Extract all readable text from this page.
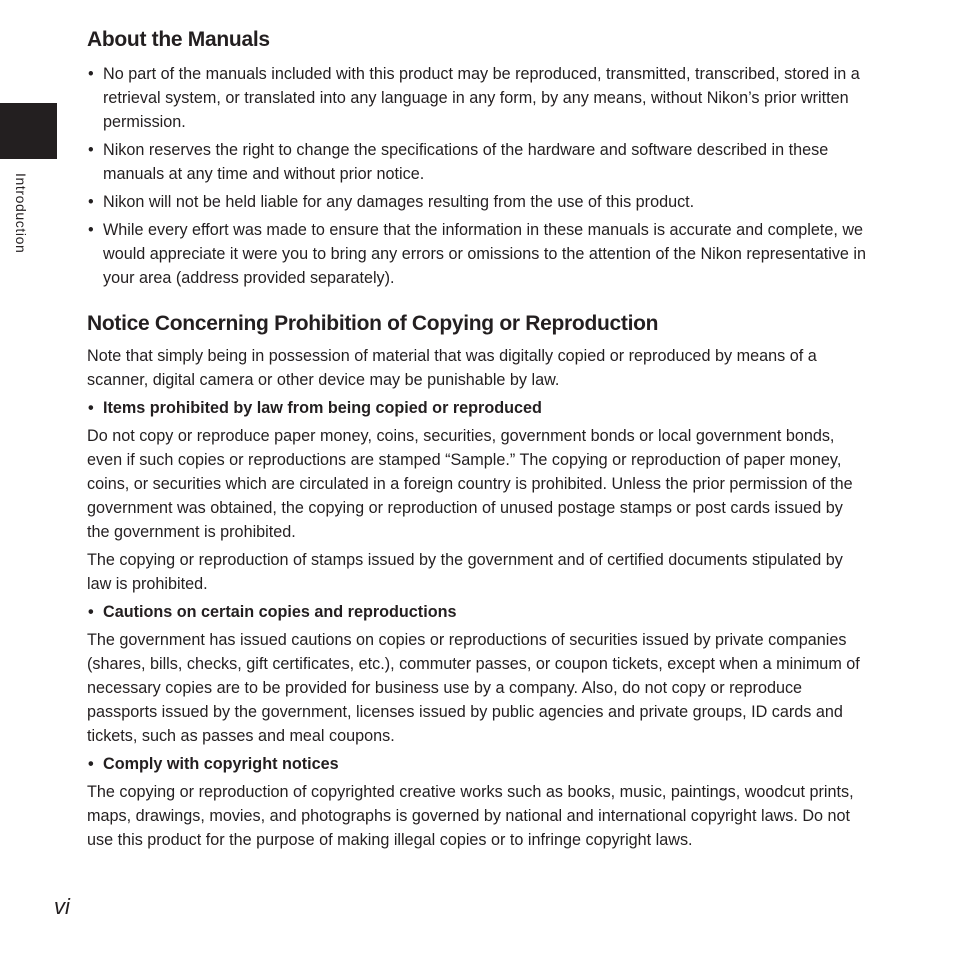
Introduction
About the Manuals
• No part of the manuals included with this product may be reproduced, transmitted, transcribed, stored in a retrieval system, or translated into any language in any form, by any means, without Nikon’s prior written permission.
• Nikon reserves the right to change the specifications of the hardware and software described in these manuals at any time and without prior notice.
• Nikon will not be held liable for any damages resulting from the use of this product.
• While every effort was made to ensure that the information in these manuals is accurate and complete, we would appreciate it were you to bring any errors or omissions to the attention of the Nikon representative in your area (address provided separately).
Notice Concerning Prohibition of Copying or Reproduction

Note that simply being in possession of material that was digitally copied or reproduced by means of a scanner, digital camera or other device may be punishable by law.

• Items prohibited by law from being copied or reproduced

Do not copy or reproduce paper money, coins, securities, government bonds or local government bonds, even if such copies or reproductions are stamped “Sample.” The copying or reproduction of paper money, coins, or securities which are circulated in a foreign country is prohibited. Unless the prior permission of the government was obtained, the copying or reproduction of unused postage stamps or post cards issued by the government is prohibited.

The copying or reproduction of stamps issued by the government and of certified documents stipulated by law is prohibited.

• Cautions on certain copies and reproductions

The government has issued cautions on copies or reproductions of securities issued by private companies (shares, bills, checks, gift certificates, etc.), commuter passes, or coupon tickets, except when a minimum of necessary copies are to be provided for business use by a company. Also, do not copy or reproduce passports issued by the government, licenses issued by public agencies and private groups, ID cards and tickets, such as passes and meal coupons.

• Comply with copyright notices

The copying or reproduction of copyrighted creative works such as books, music, paintings, woodcut prints, maps, drawings, movies, and photographs is governed by national and international copyright laws. Do not use this product for the purpose of making illegal copies or to infringe copyright laws.

vi
